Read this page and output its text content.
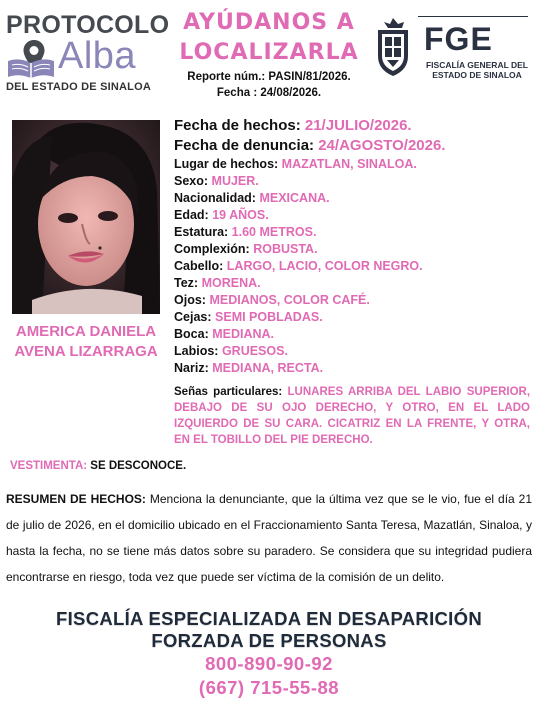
PROTOCOLO
Alba
DEL ESTADO DE SINALOA
AYÚDANOS A
LOCALIZARLA
Reporte núm.: PASIN/81/2026.
Fecha : 24/08/2026.
FGE
FISCALÍA GENERAL DEL
ESTADO DE SINALOA
AMERICA DANIELA
AVENA LIZARRAGA
Fecha de hechos: 21/JULIO/2026.
Fecha de denuncia: 24/AGOSTO/2026.
Lugar de hechos: MAZATLAN, SINALOA.
Sexo: MUJER.
Nacionalidad: MEXICANA.
Edad: 19 AÑOS.
Estatura: 1.60 METROS.
Complexión: ROBUSTA.
Cabello: LARGO, LACIO, COLOR NEGRO.
Tez: MORENA.
Ojos: MEDIANOS, COLOR CAFÉ.
Cejas: SEMI POBLADAS.
Boca: MEDIANA.
Labios: GRUESOS.
Nariz: MEDIANA, RECTA.
Señas particulares: LUNARES ARRIBA DEL LABIO SUPERIOR, DEBAJO DE SU OJO DERECHO, Y OTRO, EN EL LADO IZQUIERDO DE SU CARA. CICATRIZ EN LA FRENTE, Y OTRA, EN EL TOBILLO DEL PIE DERECHO.
VESTIMENTA: SE DESCONOCE.
RESUMEN DE HECHOS: Menciona la denunciante, que la última vez que se le vio, fue el día 21 de julio de 2026, en el domicilio ubicado en el Fraccionamiento Santa Teresa, Mazatlán, Sinaloa, y hasta la fecha, no se tiene más datos sobre su paradero. Se considera que su integridad pudiera encontrarse en riesgo, toda vez que puede ser víctima de la comisión de un delito.
FISCALÍA ESPECIALIZADA EN DESAPARICIÓN
FORZADA DE PERSONAS
800-890-90-92
(667) 715-55-88
